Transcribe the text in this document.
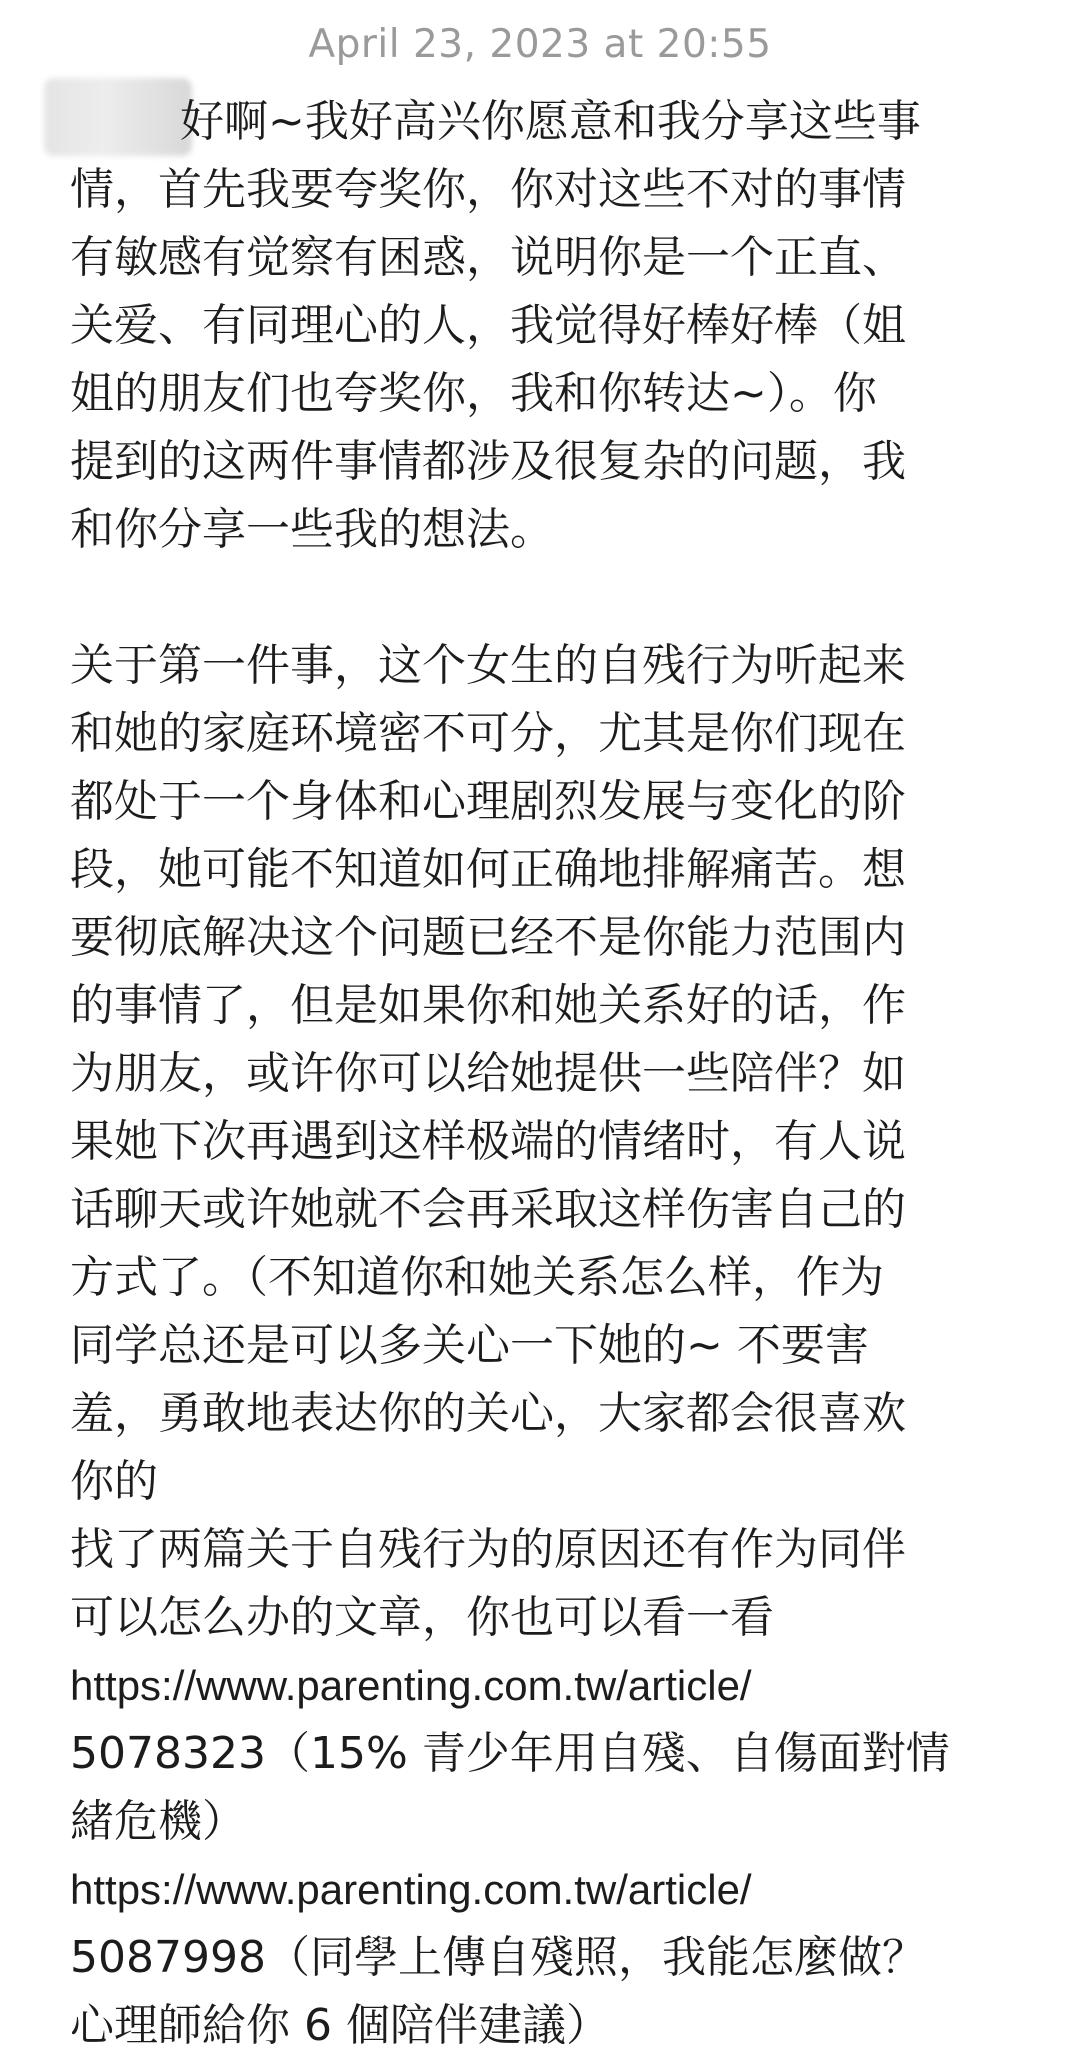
April 23, 2023 at 20:55
好啊~我好高兴你愿意和我分享这些事
情，首先我要夸奖你，你对这些不对的事情
有敏感有觉察有困惑，说明你是一个正直、
关爱、有同理心的人，我觉得好棒好棒（姐
姐的朋友们也夸奖你，我和你转达~）。你
提到的这两件事情都涉及很复杂的问题，我
和你分享一些我的想法。
关于第一件事，这个女生的自残行为听起来
和她的家庭环境密不可分，尤其是你们现在
都处于一个身体和心理剧烈发展与变化的阶
段，她可能不知道如何正确地排解痛苦。想
要彻底解决这个问题已经不是你能力范围内
的事情了，但是如果你和她关系好的话，作
为朋友，或许你可以给她提供一些陪伴？如
果她下次再遇到这样极端的情绪时，有人说
话聊天或许她就不会再采取这样伤害自己的
方式了。（不知道你和她关系怎么样，作为
同学总还是可以多关心一下她的~ 不要害
羞，勇敢地表达你的关心，大家都会很喜欢
你的
找了两篇关于自残行为的原因还有作为同伴
可以怎么办的文章，你也可以看一看
https://www.parenting.com.tw/article/
5078323（15% 青少年用自殘、自傷面對情
緒危機）
https://www.parenting.com.tw/article/
5087998（同學上傳自殘照，我能怎麼做？
心理師給你 6 個陪伴建議）
